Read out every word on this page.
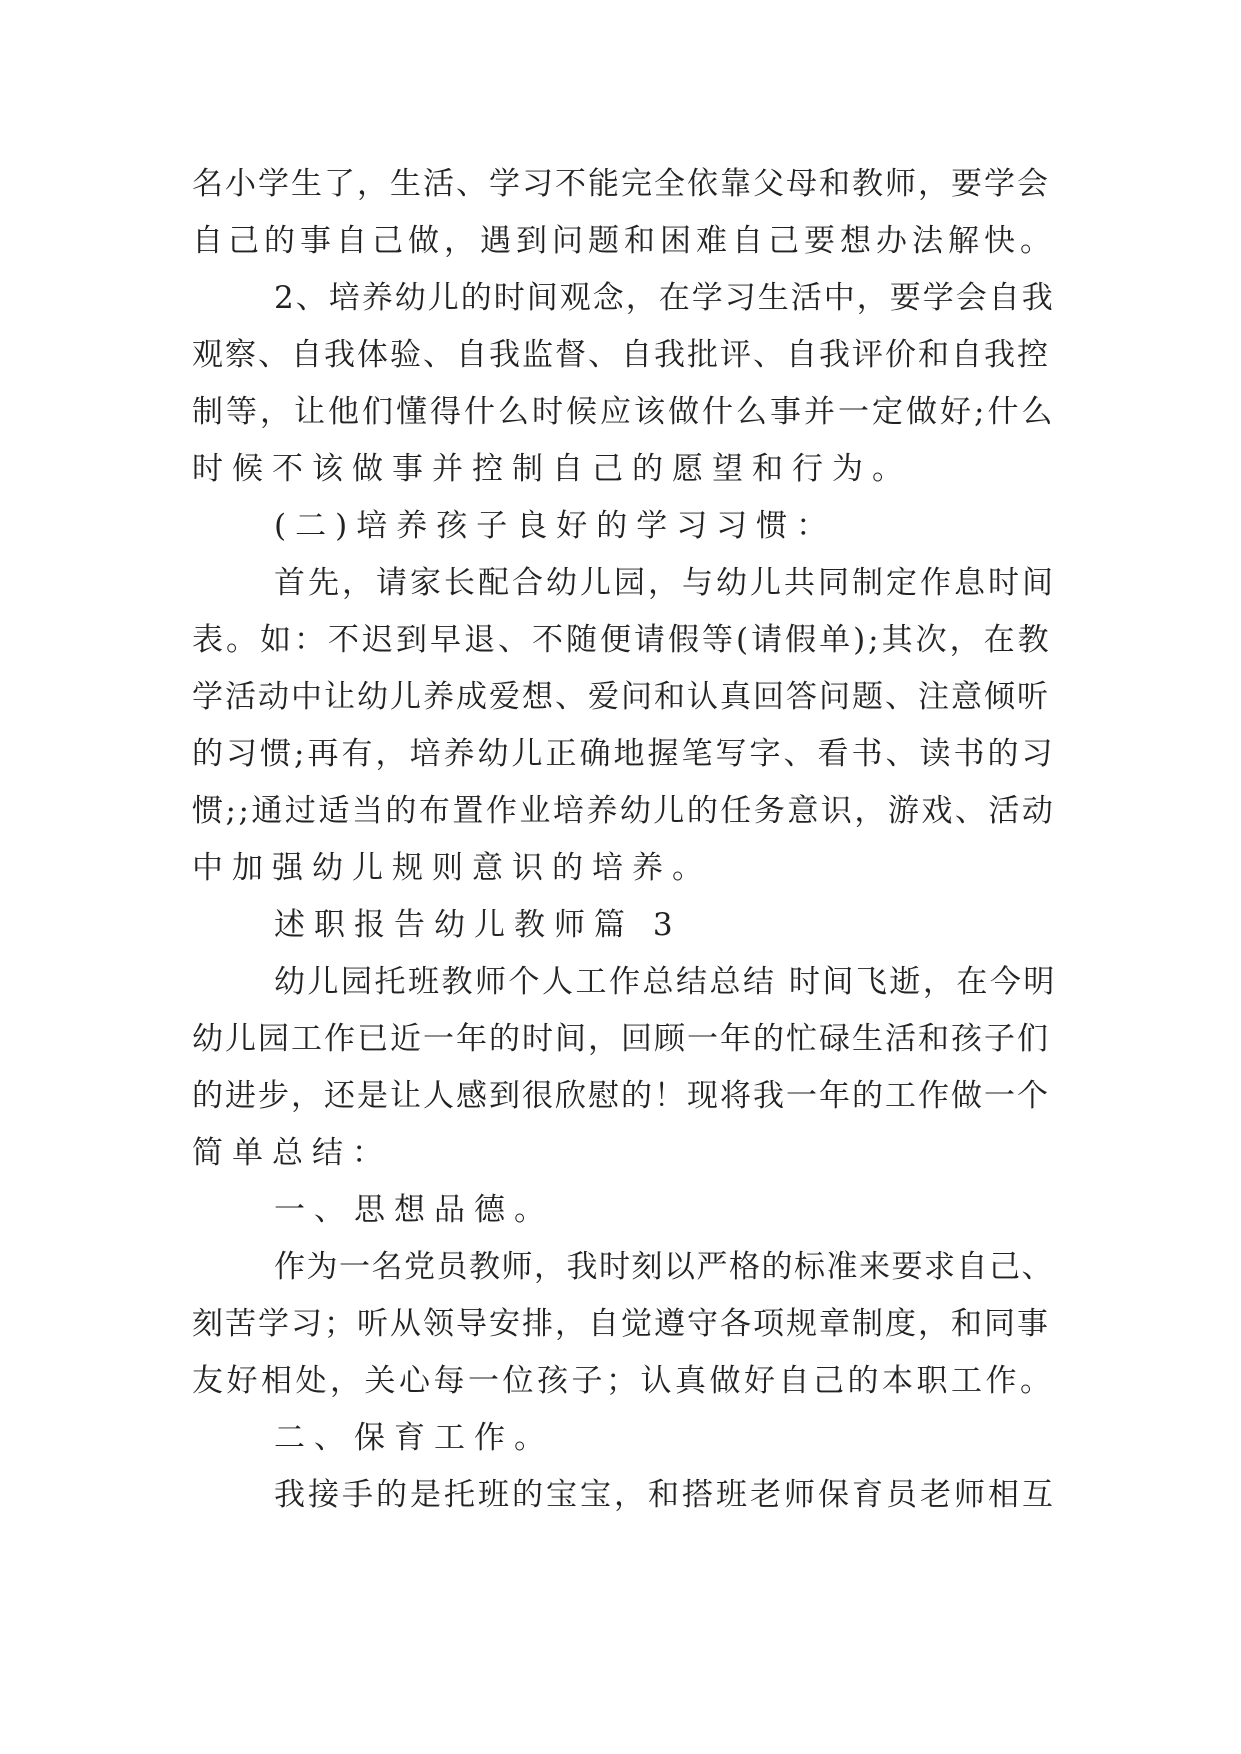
名小学生了，生活、学习不能完全依靠父母和教师，要学会
自己的事自己做，遇到问题和困难自己要想办法解快。
2、培养幼儿的时间观念，在学习生活中，要学会自我
观察、自我体验、自我监督、自我批评、自我评价和自我控
制等，让他们懂得什么时候应该做什么事并一定做好;什么
时候不该做事并控制自己的愿望和行为。
(二)培养孩子良好的学习习惯：
首先，请家长配合幼儿园，与幼儿共同制定作息时间
表。如：不迟到早退、不随便请假等(请假单);其次，在教
学活动中让幼儿养成爱想、爱问和认真回答问题、注意倾听
的习惯;再有，培养幼儿正确地握笔写字、看书、读书的习
惯;;通过适当的布置作业培养幼儿的任务意识，游戏、活动
中加强幼儿规则意识的培养。
述职报告幼儿教师篇 3
幼儿园托班教师个人工作总结总结 时间飞逝，在今明
幼儿园工作已近一年的时间，回顾一年的忙碌生活和孩子们
的进步，还是让人感到很欣慰的！现将我一年的工作做一个
简单总结：
一、思想品德。
作为一名党员教师，我时刻以严格的标准来要求自己、
刻苦学习；听从领导安排，自觉遵守各项规章制度，和同事
友好相处，关心每一位孩子；认真做好自己的本职工作。
二、保育工作。
我接手的是托班的宝宝，和搭班老师保育员老师相互
